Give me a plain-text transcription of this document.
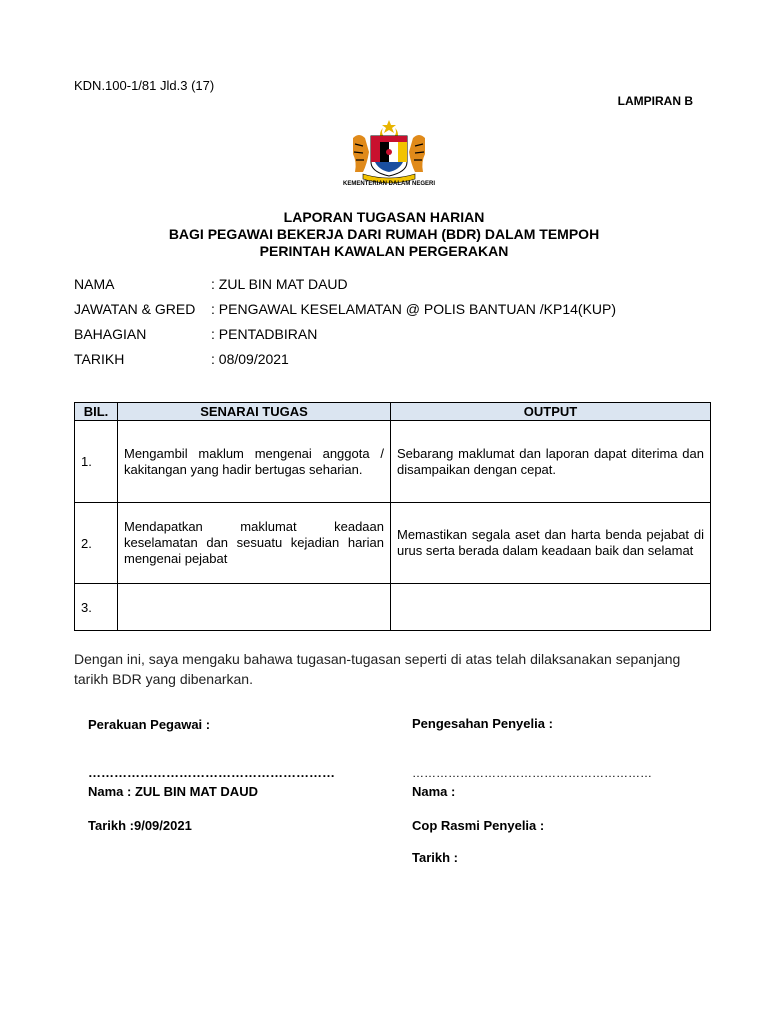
KDN.100-1/81 Jld.3 (17)
LAMPIRAN B
KEMENTERIAN DALAM NEGERI
LAPORAN TUGASAN HARIAN
BAGI PEGAWAI BEKERJA DARI RUMAH (BDR) DALAM TEMPOH
PERINTAH KAWALAN PERGERAKAN
NAMA	: ZUL BIN MAT DAUD
JAWATAN & GRED : PENGAWAL KESELAMATAN @ POLIS BANTUAN /KP14(KUP)
BAHAGIAN	: PENTADBIRAN
TARIKH	: 08/09/2021
BIL.	SENARAI TUGAS	OUTPUT
1.	Mengambil maklum mengenai anggota / kakitangan yang hadir bertugas seharian.	Sebarang maklumat dan laporan dapat diterima dan disampaikan dengan cepat.
2.	Mendapatkan maklumat keadaan keselamatan dan sesuatu kejadian harian mengenai pejabat	Memastikan segala aset dan harta benda pejabat di urus serta berada dalam keadaan baik dan selamat
3.		
Dengan ini, saya mengaku bahawa tugasan-tugasan seperti di atas telah dilaksanakan sepanjang tarikh BDR yang dibenarkan.
Perakuan Pegawai :
…………………………………………………
Nama : ZUL BIN MAT DAUD
Tarikh :9/09/2021
Pengesahan Penyelia :
……………………………………………………
Nama :
Cop Rasmi Penyelia :
Tarikh :
